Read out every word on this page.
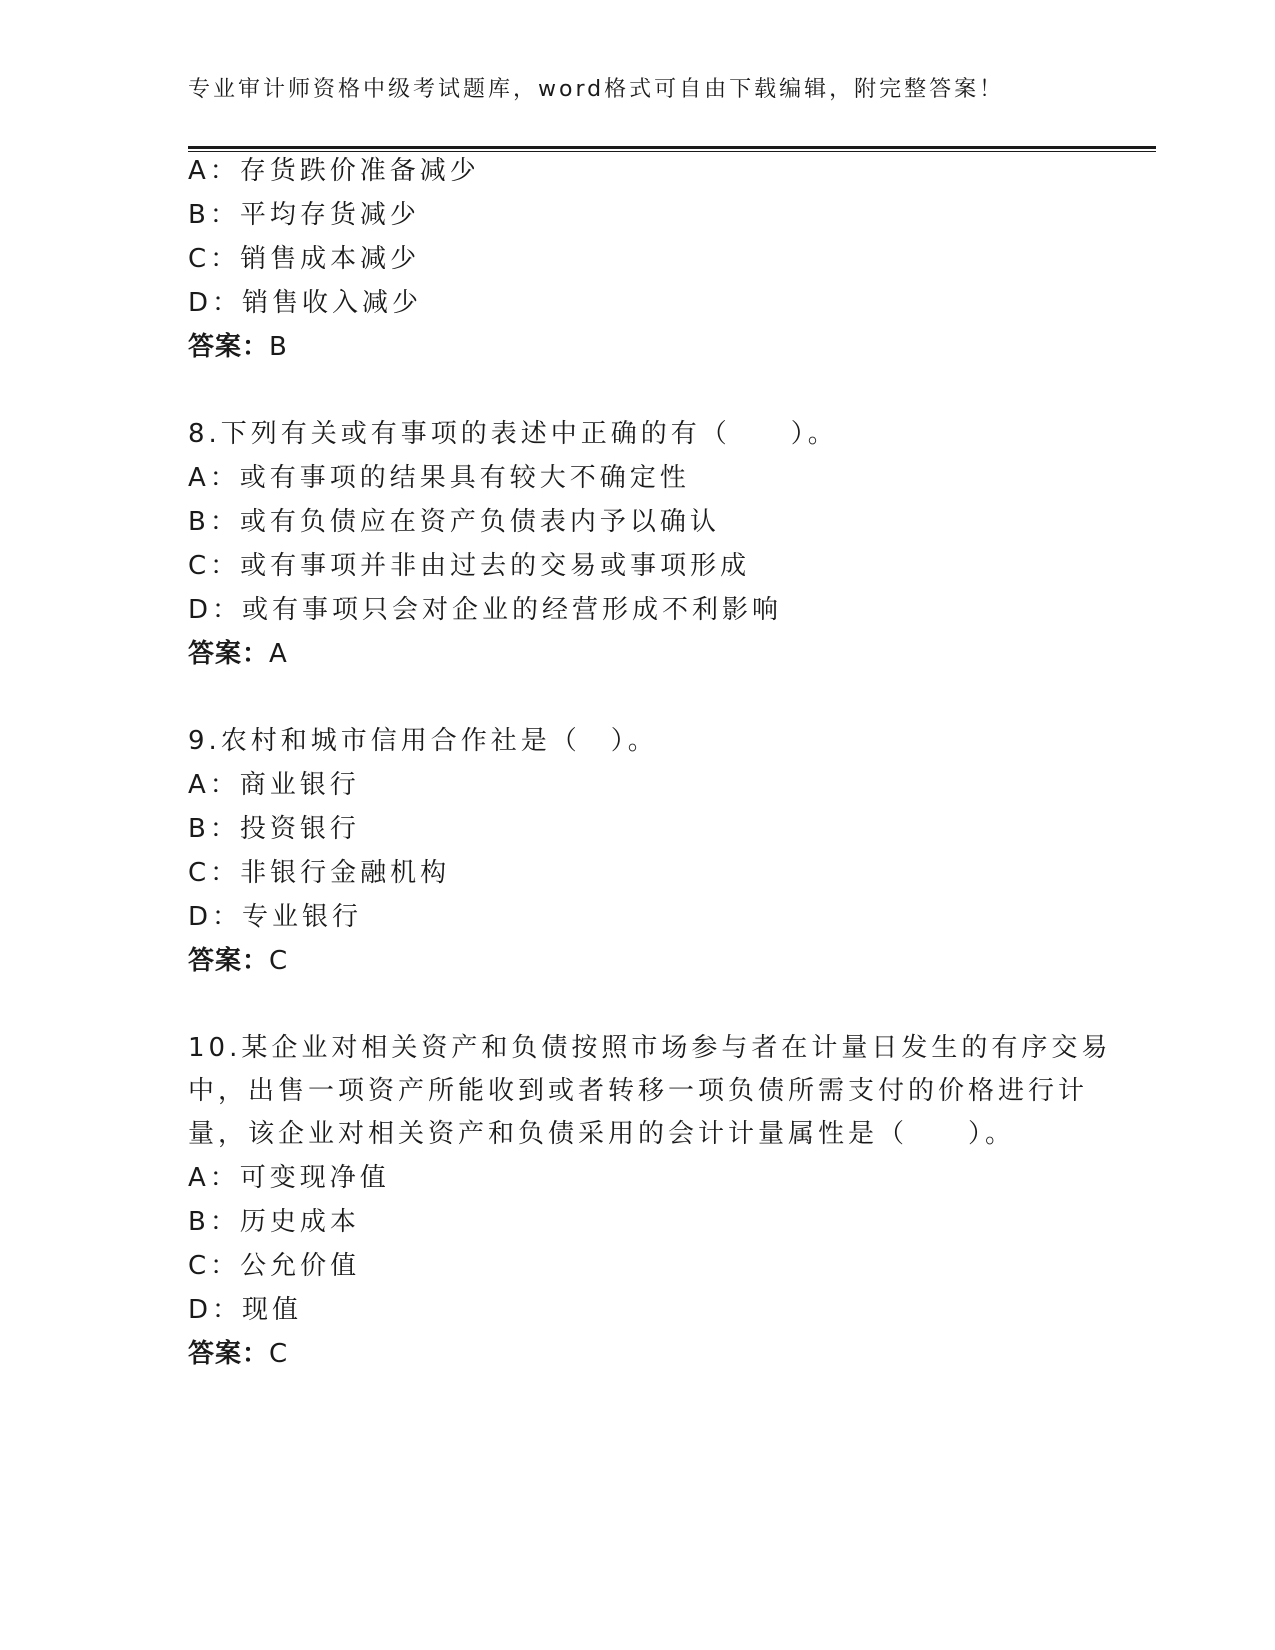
专业审计师资格中级考试题库，word格式可自由下载编辑，附完整答案！
A：存货跌价准备减少
B：平均存货减少
C：销售成本减少
D：销售收入减少
答案：B
8.下列有关或有事项的表述中正确的有（　　）。
A：或有事项的结果具有较大不确定性
B：或有负债应在资产负债表内予以确认
C：或有事项并非由过去的交易或事项形成
D：或有事项只会对企业的经营形成不利影响
答案：A
9.农村和城市信用合作社是（　）。
A：商业银行
B：投资银行
C：非银行金融机构
D：专业银行
答案：C
10.某企业对相关资产和负债按照市场参与者在计量日发生的有序交易
中，出售一项资产所能收到或者转移一项负债所需支付的价格进行计
量，该企业对相关资产和负债采用的会计计量属性是（　　）。
A：可变现净值
B：历史成本
C：公允价值
D：现值
答案：C
